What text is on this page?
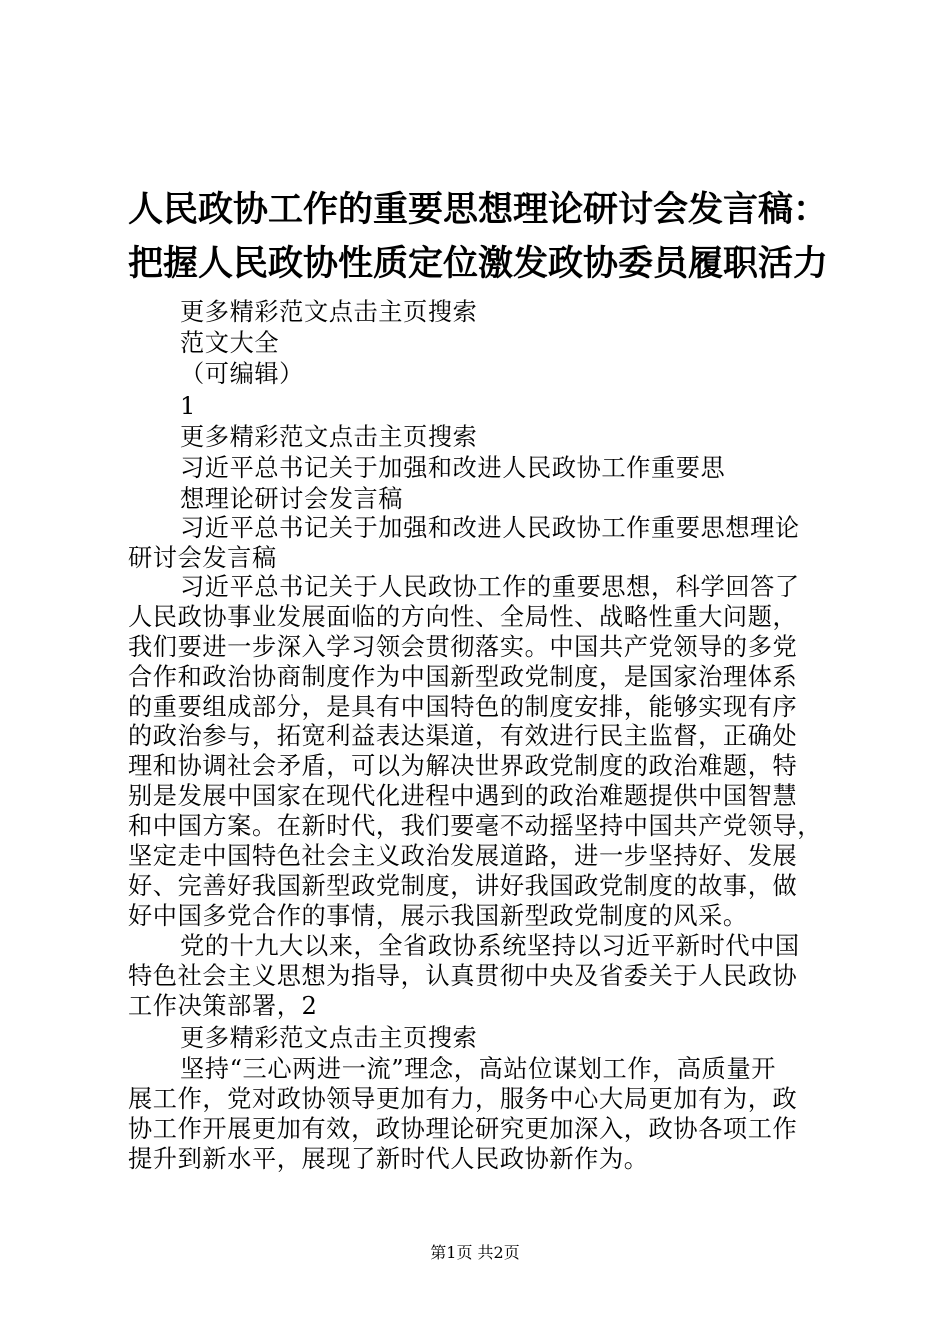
人民政协工作的重要思想理论研讨会发言稿：
把握人民政协性质定位激发政协委员履职活力
更多精彩范文点击主页搜索
范文大全
（可编辑）
1
更多精彩范文点击主页搜索
习近平总书记关于加强和改进人民政协工作重要思
想理论研讨会发言稿
习近平总书记关于加强和改进人民政协工作重要思想理论
研讨会发言稿
习近平总书记关于人民政协工作的重要思想，科学回答了
人民政协事业发展面临的方向性、全局性、战略性重大问题，
我们要进一步深入学习领会贯彻落实。中国共产党领导的多党
合作和政治协商制度作为中国新型政党制度，是国家治理体系
的重要组成部分，是具有中国特色的制度安排，能够实现有序
的政治参与，拓宽利益表达渠道，有效进行民主监督，正确处
理和协调社会矛盾，可以为解决世界政党制度的政治难题，特
别是发展中国家在现代化进程中遇到的政治难题提供中国智慧
和中国方案。在新时代，我们要毫不动摇坚持中国共产党领导，
坚定走中国特色社会主义政治发展道路，进一步坚持好、发展
好、完善好我国新型政党制度，讲好我国政党制度的故事，做
好中国多党合作的事情，展示我国新型政党制度的风采。
党的十九大以来，全省政协系统坚持以习近平新时代中国
特色社会主义思想为指导，认真贯彻中央及省委关于人民政协
工作决策部署，2
更多精彩范文点击主页搜索
坚持“三心两进一流”理念，高站位谋划工作，高质量开
展工作，党对政协领导更加有力，服务中心大局更加有为，政
协工作开展更加有效，政协理论研究更加深入，政协各项工作
提升到新水平，展现了新时代人民政协新作为。
第1页 共2页
